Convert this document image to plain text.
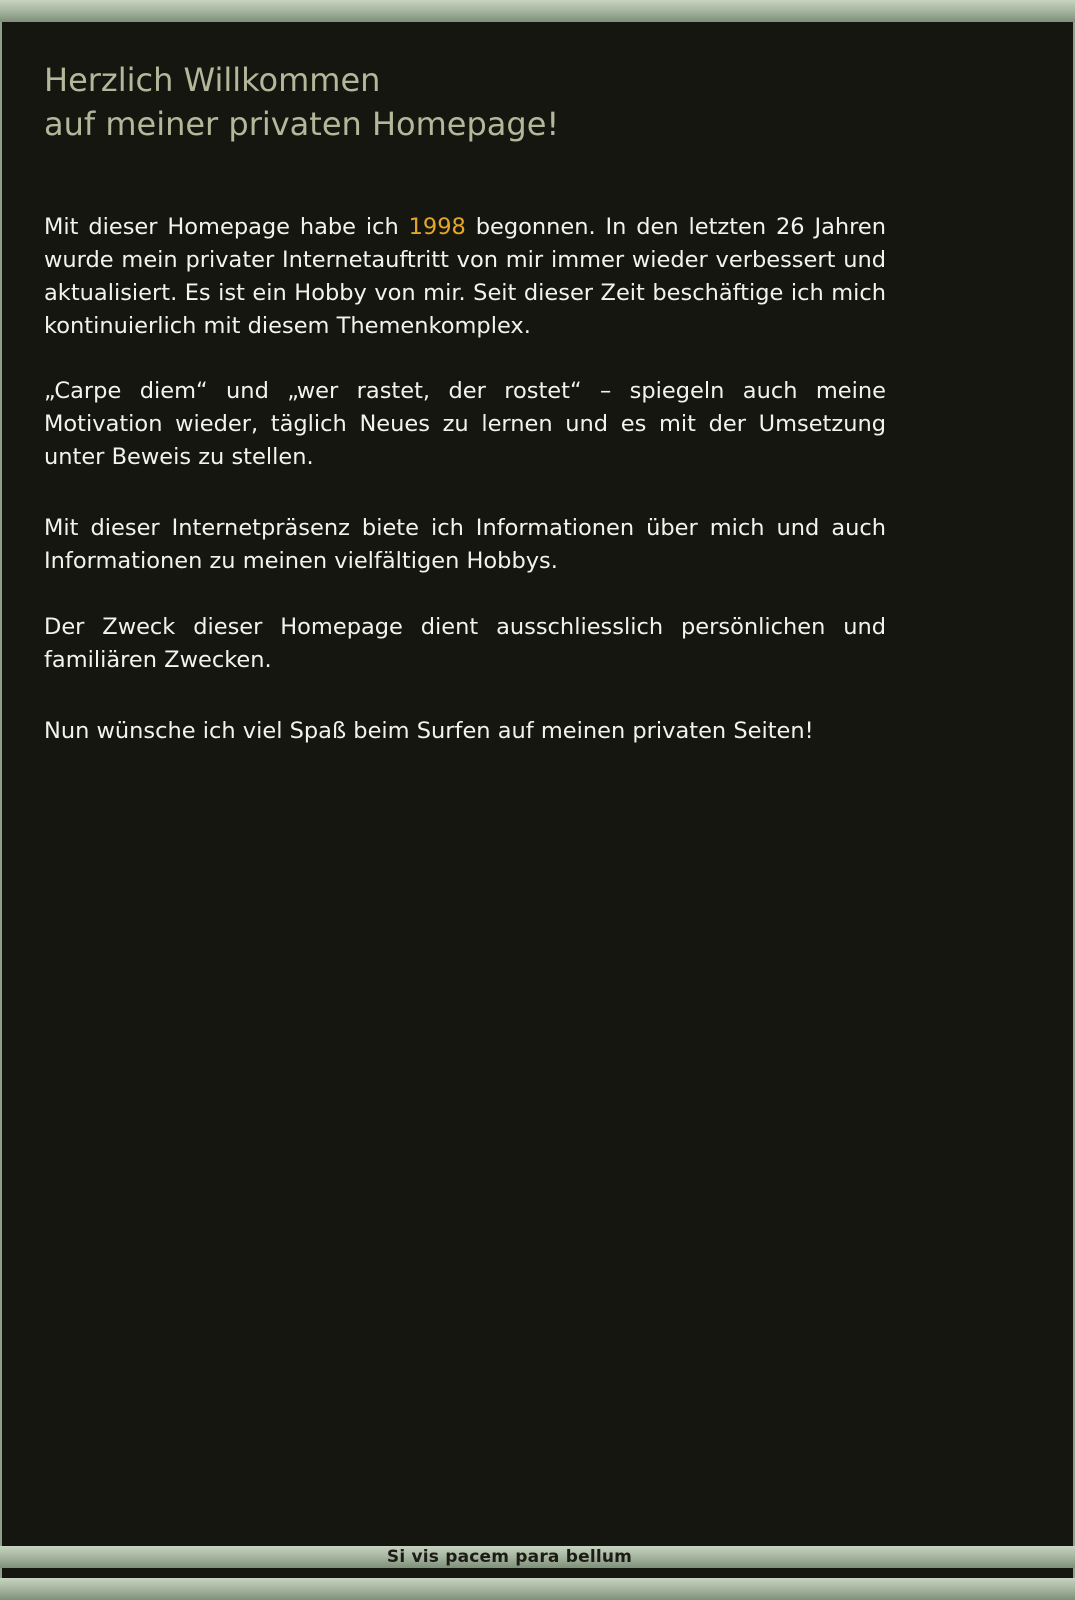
Herzlich Willkommen
auf meiner privaten Homepage!

Mit dieser Homepage habe ich 1998 begonnen. In den letzten 26 Jahren wurde mein privater Internetauftritt von mir immer wieder verbessert und aktualisiert. Es ist ein Hobby von mir. Seit dieser Zeit beschäftige ich mich kontinuierlich mit diesem Themenkomplex.

„Carpe diem“ und „wer rastet, der rostet“ – spiegeln auch meine Motivation wieder, täglich Neues zu lernen und es mit der Umsetzung unter Beweis zu stellen.

Mit dieser Internetpräsenz biete ich Informationen über mich und auch Informationen zu meinen vielfältigen Hobbys.

Der Zweck dieser Homepage dient ausschliesslich persönlichen und familiären Zwecken.

Nun wünsche ich viel Spaß beim Surfen auf meinen privaten Seiten!

Si vis pacem para bellum
